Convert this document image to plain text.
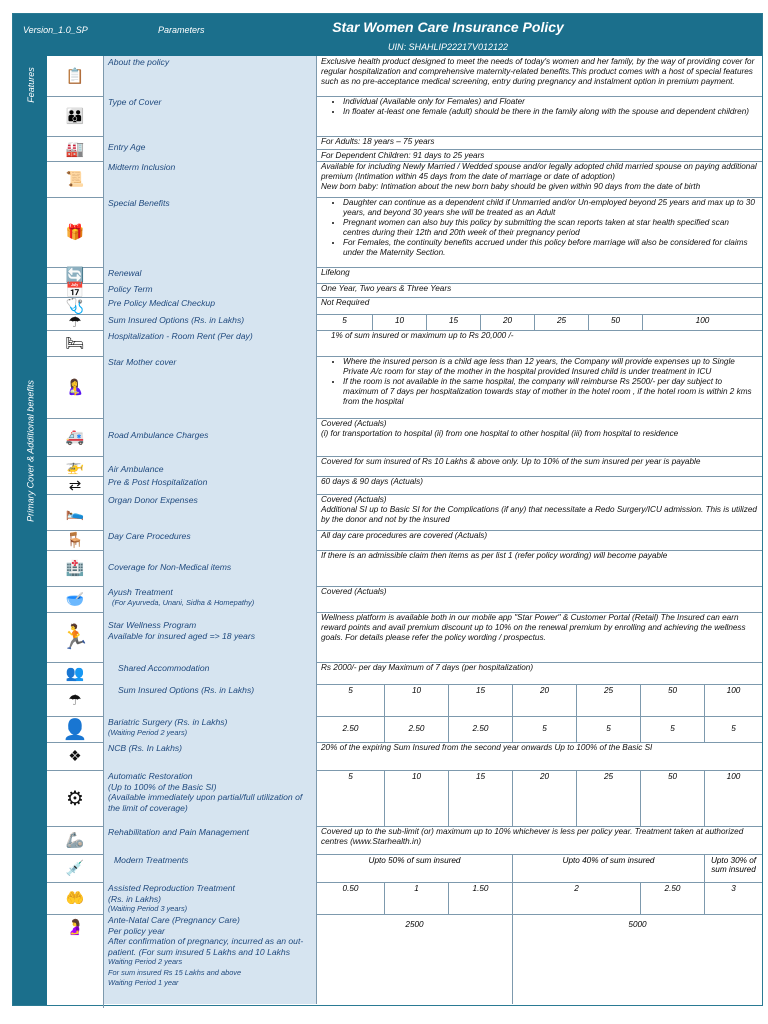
Version_1.0_SP	Parameters	Star Women Care Insurance Policy
UIN: SHAHLIP22217V012122
Features
Primary Cover & Additional benefits
📋
About the policy	Exclusive health product designed to meet the needs of today's women and her family, by the way of providing cover for regular hospitalization and comprehensive maternity-related benefits.This product comes with a host of special features such as no pre-acceptance medical screening, entry during pregnancy and instalment option in premium payment.
👪
Type of Cover	• Individual (Available only for Females) and Floater
• In floater at-least one female (adult) should be there in the family along with the spouse and dependent children)
🏭	Entry Age
For Adults: 18 years – 75 years
For Dependent Children: 91 days to 25 years
📜
Midterm Inclusion	Available for including Newly Married / Wedded spouse and/or legally adopted child married spouse on paying additional premium (Intimation within 45 days from the date of marriage or date of adoption)
New born baby: Intimation about the new born baby should be given within 90 days from the date of birth
🎁
Special Benefits	• Daughter can continue as a dependent child if Unmarried and/or Un-employed beyond 25 years and max up to 30 years, and beyond 30 years she will be treated as an Adult
• Pregnant women can also buy this policy by submitting the scan reports taken at star health specified scan centres during their 12th and 20th week of their pregnancy period
• For Females, the continuity benefits accrued under this policy before marriage will also be considered for claims under the Maternity Section.
🔄	Renewal	Lifelong
📅	Policy Term	One Year, Two years & Three Years
🩺	Pre Policy Medical Checkup	Not Required
☂	Sum Insured Options (Rs. in Lakhs)	5	10	15	20	25	50	100
🛏	Hospitalization - Room Rent (Per day)	1% of sum insured or maximum up to Rs 20,000 /-
🤱
Star Mother cover	• Where the insured person is a child age less than 12 years, the Company will provide expenses up to Single Private A/c room for stay of the mother in the hospital provided Insured child is under treatment in ICU
• If the room is not available in the same hospital, the company will reimburse Rs 2500/- per day subject to maximum of 7 days per hospitalization towards stay of mother in the hotel room , if the hotel room is within 2 kms from the hospital
🚑	Road Ambulance Charges
Covered (Actuals)
(i) for transportation to hospital (ii) from one hospital to other hospital (iii) from hospital to residence
🚁	Air Ambulance
Covered for sum insured of Rs 10 Lakhs & above only. Up to 10% of the sum insured per year is payable
⇄	Pre & Post Hospitalization	60 days & 90 days (Actuals)
🛌
Organ Donor Expenses	Covered (Actuals)
Additional SI up to Basic SI for the Complications (if any) that necessitate a Redo Surgery/ICU admission. This is utilized by the donor and not by the insured
🪑	Day Care Procedures	All day care procedures are covered (Actuals)
🏥	Coverage for Non-Medical items
If there is an admissible claim then items as per list 1 (refer policy wording) will become payable
🥣	Ayush Treatment
(For Ayurveda, Unani, Sidha & Homepathy)
Covered (Actuals)
🏃	Star Wellness Program
Available for insured aged => 18 years
Wellness platform is available both in our mobile app "Star Power" & Customer Portal (Retail) The Insured can earn reward points and avail premium discount up to 10% on the renewal premium by enrolling and achieving the wellness goals. For details please refer the policy wording / prospectus.
👥	Shared Accommodation	Rs 2000/- per day Maximum of 7 days (per hospitalization)
☂
Sum Insured Options (Rs. in Lakhs)	5	10	15	20	25	50	100
👤	Bariatric Surgery (Rs. in Lakhs)
(Waiting Period 2 years)	2.50	2.50	2.50	5	5	5	5
❖	NCB (Rs. In Lakhs)	20% of the expiring Sum Insured from the second year onwards Up to 100% of the Basic SI
⚙
Automatic Restoration
(Up to 100% of the Basic SI)
(Available immediately upon partial/full utilization of the limit of coverage)
5	10	15	20	25	50	100
🦾	Rehabilitation and Pain Management	Covered up to the sub-limit (or) maximum up to 10% whichever is less per policy year. Treatment taken at authorized centres (www.Starhealth.in)
💉	Modern Treatments	Upto 50% of sum insured	Upto 40% of sum insured	Upto 30% of sum insured
🤲
Assisted Reproduction Treatment
(Rs. in Lakhs)
(Waiting Period 3 years)
0.50	1	1.50	2	2.50	3
🤰	Ante-Natal Care (Pregnancy Care)
Per policy year
After confirmation of pregnancy, incurred as an out-patient. (For sum insured 5 Lakhs and 10 Lakhs
Waiting Period 2 years
For sum insured Rs 15 Lakhs and above
Waiting Period 1 year
2500	5000
